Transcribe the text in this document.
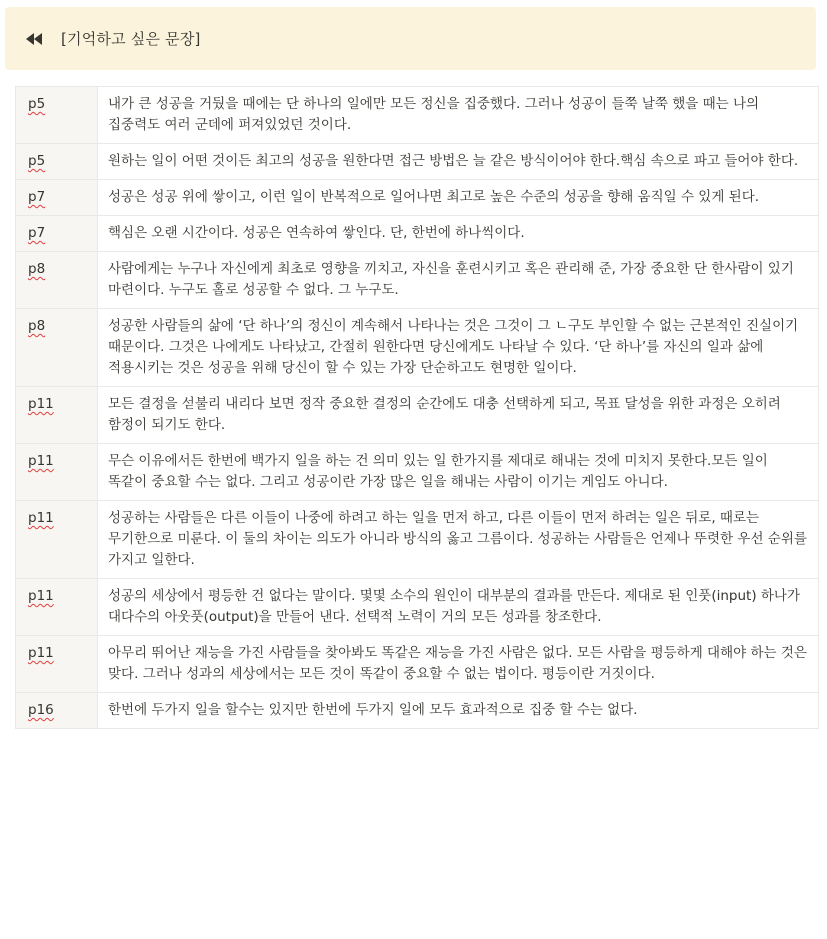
[기억하고 싶은 문장]
p5	내가 큰 성공을 거뒀을 때에는 단 하나의 일에만 모든 정신을 집중했다. 그러나 성공이 들쭉 날쭉 했을 때는 나의 집중력도 여러 군데에 퍼져있었던 것이다.
p5	원하는 일이 어떤 것이든 최고의 성공을 원한다면 접근 방법은 늘 같은 방식이어야 한다.핵심 속으로 파고 들어야 한다.
p7	성공은 성공 위에 쌓이고, 이런 일이 반복적으로 일어나면 최고로 높은 수준의 성공을 향해 움직일 수 있게 된다.
p7	핵심은 오랜 시간이다. 성공은 연속하여 쌓인다. 단, 한번에 하나씩이다.
p8	사람에게는 누구나 자신에게 최초로 영향을 끼치고, 자신을 훈련시키고 혹은 관리해 준, 가장 중요한 단 한사람이 있기 마련이다. 누구도 홀로 성공할 수 없다. 그 누구도.
p8	성공한 사람들의 삶에 ‘단 하나’의 정신이 계속해서 나타나는 것은 그것이 그 ㄴ구도 부인할 수 없는 근본적인 진실이기 때문이다. 그것은 나에게도 나타났고, 간절히 원한다면 당신에게도 나타날 수 있다. ‘단 하나’를 자신의 일과 삶에 적용시키는 것은 성공을 위해 당신이 할 수 있는 가장 단순하고도 현명한 일이다.
p11	모든 결정을 섣불리 내리다 보면 정작 중요한 결정의 순간에도 대충 선택하게 되고, 목표 달성을 위한 과정은 오히려 함정이 되기도 한다.
p11	무슨 이유에서든 한번에 백가지 일을 하는 건 의미 있는 일 한가지를 제대로 해내는 것에 미치지 못한다.모든 일이 똑같이 중요할 수는 없다. 그리고 성공이란 가장 많은 일을 해내는 사람이 이기는 게임도 아니다.
p11	성공하는 사람들은 다른 이들이 나중에 하려고 하는 일을 먼저 하고, 다른 이들이 먼저 하려는 일은 뒤로, 때로는 무기한으로 미룬다. 이 둘의 차이는 의도가 아니라 방식의 옳고 그름이다. 성공하는 사람들은 언제나 뚜렷한 우선 순위를 가지고 일한다.
p11	성공의 세상에서 평등한 건 없다는 말이다. 몇몇 소수의 원인이 대부분의 결과를 만든다. 제대로 된 인풋(input) 하나가 대다수의 아웃풋(output)을 만들어 낸다. 선택적 노력이 거의 모든 성과를 창조한다.
p11	아무리 뛰어난 재능을 가진 사람들을 찾아봐도 똑같은 재능을 가진 사람은 없다. 모든 사람을 평등하게 대해야 하는 것은 맞다. 그러나 성과의 세상에서는 모든 것이 똑같이 중요할 수 없는 법이다. 평등이란 거짓이다.
p16	한번에 두가지 일을 할수는 있지만 한번에 두가지 일에 모두 효과적으로 집중 할 수는 없다.
